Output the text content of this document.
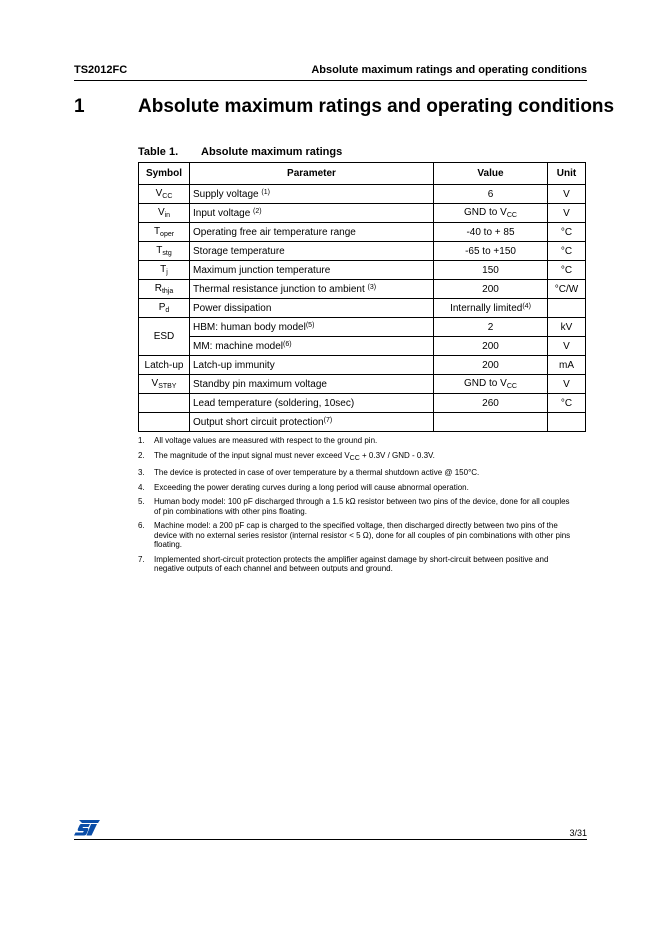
TS2012FC	Absolute maximum ratings and operating conditions
1	Absolute maximum ratings and operating conditions
Table 1. Absolute maximum ratings
Symbol	Parameter	Value	Unit
$V_{CC}$	Supply voltage $^{(1)}$	6	V
$V_{in}$	Input voltage $^{(2)}$	GND to $V_{CC}$	V
$T_{oper}$	Operating free air temperature range	-40 to + 85	°C
$T_{stg}$	Storage temperature	-65 to +150	°C
$T_j$	Maximum junction temperature	150	°C
$R_{thja}$	Thermal resistance junction to ambient $^{(3)}$	200	°C/W
$P_d$	Power dissipation	Internally limited$^{(4)}$	
ESD	HBM: human body model$^{(5)}$	2	kV
	MM: machine model$^{(6)}$	200	V
Latch-up	Latch-up immunity	200	mA
$V_{STBY}$	Standby pin maximum voltage	GND to $V_{CC}$	V
	Lead temperature (soldering, 10sec)	260	°C
	Output short circuit protection$^{(7)}$		
1. All voltage values are measured with respect to the ground pin.
2. The magnitude of the input signal must never exceed $V_{CC} + 0.3V$ / GND - 0.3V.
3. The device is protected in case of over temperature by a thermal shutdown active @ 150°C.
4. Exceeding the power derating curves during a long period will cause abnormal operation.
5. Human body model: 100 pF discharged through a 1.5 kΩ resistor between two pins of the device, done for all couples of pin combinations with other pins floating.
6. Machine model: a 200 pF cap is charged to the specified voltage, then discharged directly between two pins of the device with no external series resistor (internal resistor < 5 Ω), done for all couples of pin combinations with other pins floating.
7. Implemented short-circuit protection protects the amplifier against damage by short-circuit between positive and negative outputs of each channel and between outputs and ground.
3/31
